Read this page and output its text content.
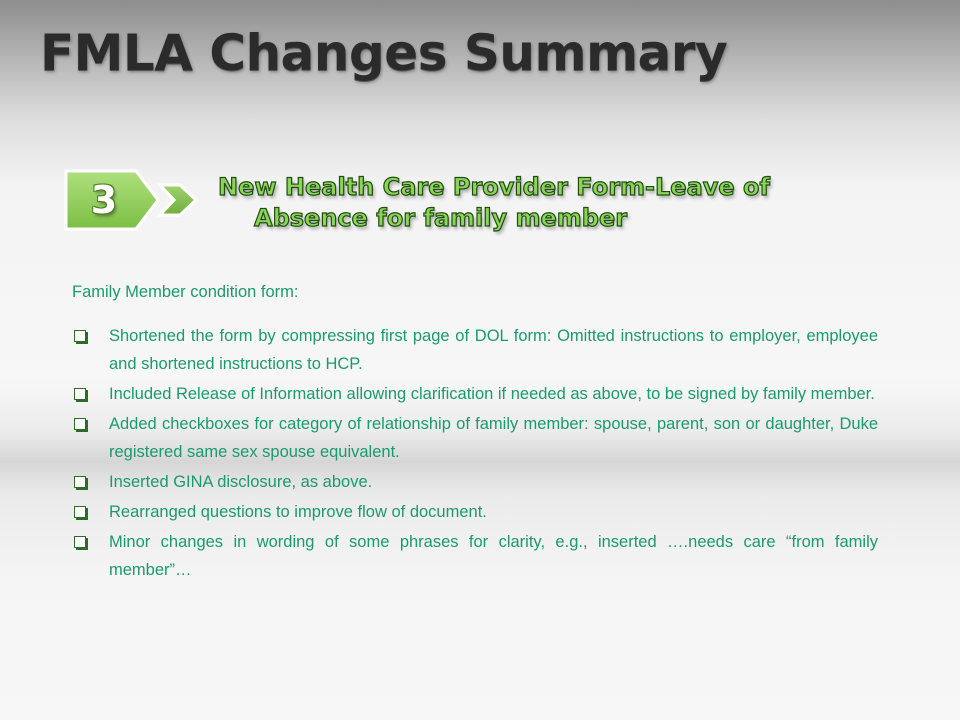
FMLA Changes Summary
3	New Health Care Provider Form-Leave of
Absence for family member
Family Member condition form:
Shortened the form by compressing first page of DOL form: Omitted instructions to employer, employee and shortened instructions to HCP.
Included Release of Information allowing clarification if needed as above, to be signed by family member.
Added checkboxes for category of relationship of family member: spouse, parent, son or daughter, Duke registered same sex spouse equivalent.
Inserted GINA disclosure, as above.
Rearranged questions to improve flow of document.
Minor changes in wording of some phrases for clarity, e.g., inserted ….needs care “from family member”…
